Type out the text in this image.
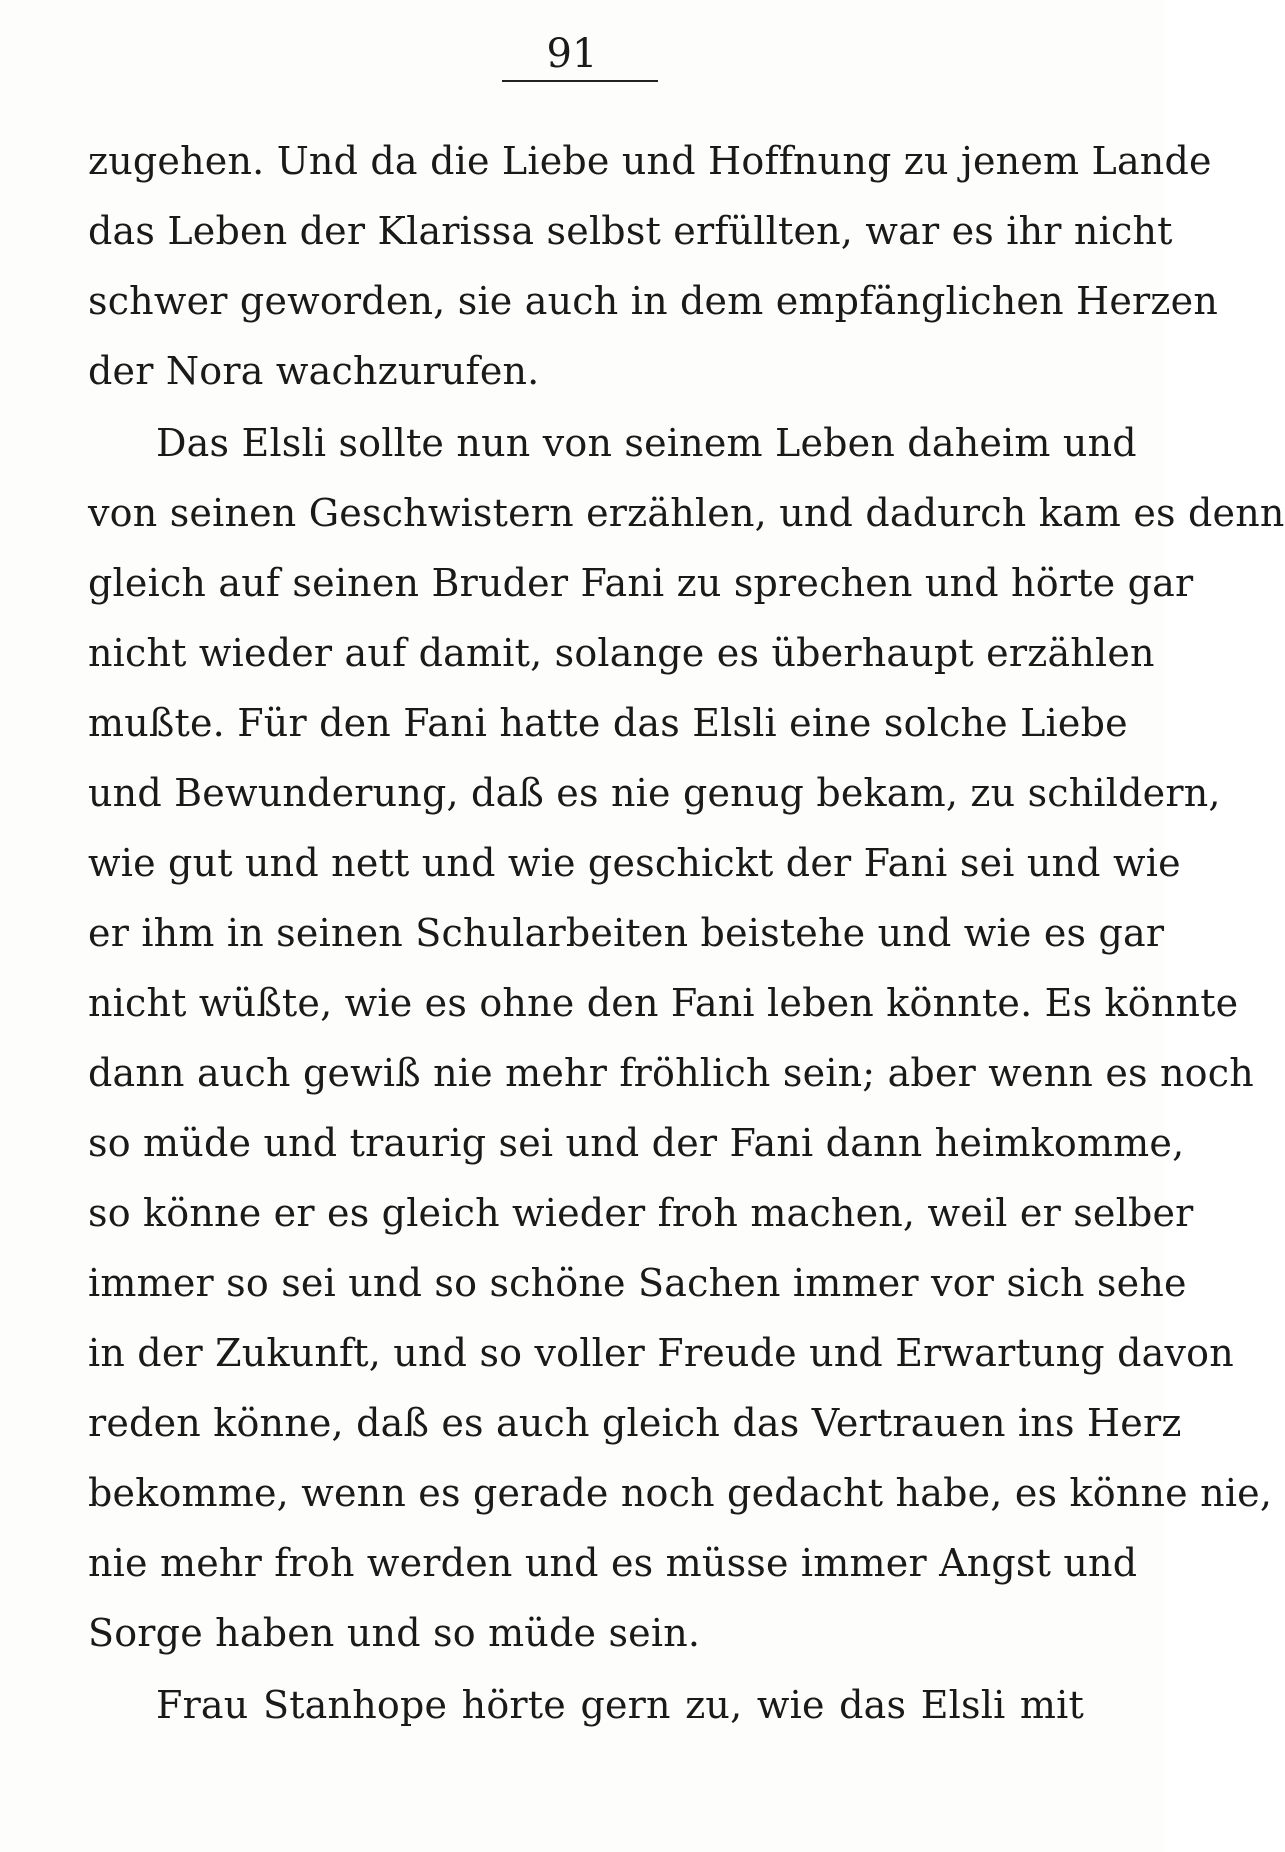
91
zugehen. Und da die Liebe und Hoffnung zu jenem Lande
das Leben der Klarissa selbst erfüllten, war es ihr nicht
schwer geworden, sie auch in dem empfänglichen Herzen
der Nora wachzurufen.
Das Elsli sollte nun von seinem Leben daheim und
von seinen Geschwistern erzählen, und dadurch kam es denn
gleich auf seinen Bruder Fani zu sprechen und hörte gar
nicht wieder auf damit, solange es überhaupt erzählen
mußte. Für den Fani hatte das Elsli eine solche Liebe
und Bewunderung, daß es nie genug bekam, zu schildern,
wie gut und nett und wie geschickt der Fani sei und wie
er ihm in seinen Schularbeiten beistehe und wie es gar
nicht wüßte, wie es ohne den Fani leben könnte. Es könnte
dann auch gewiß nie mehr fröhlich sein; aber wenn es noch
so müde und traurig sei und der Fani dann heimkomme,
so könne er es gleich wieder froh machen, weil er selber
immer so sei und so schöne Sachen immer vor sich sehe
in der Zukunft, und so voller Freude und Erwartung davon
reden könne, daß es auch gleich das Vertrauen ins Herz
bekomme, wenn es gerade noch gedacht habe, es könne nie,
nie mehr froh werden und es müsse immer Angst und
Sorge haben und so müde sein.
Frau Stanhope hörte gern zu, wie das Elsli mit
